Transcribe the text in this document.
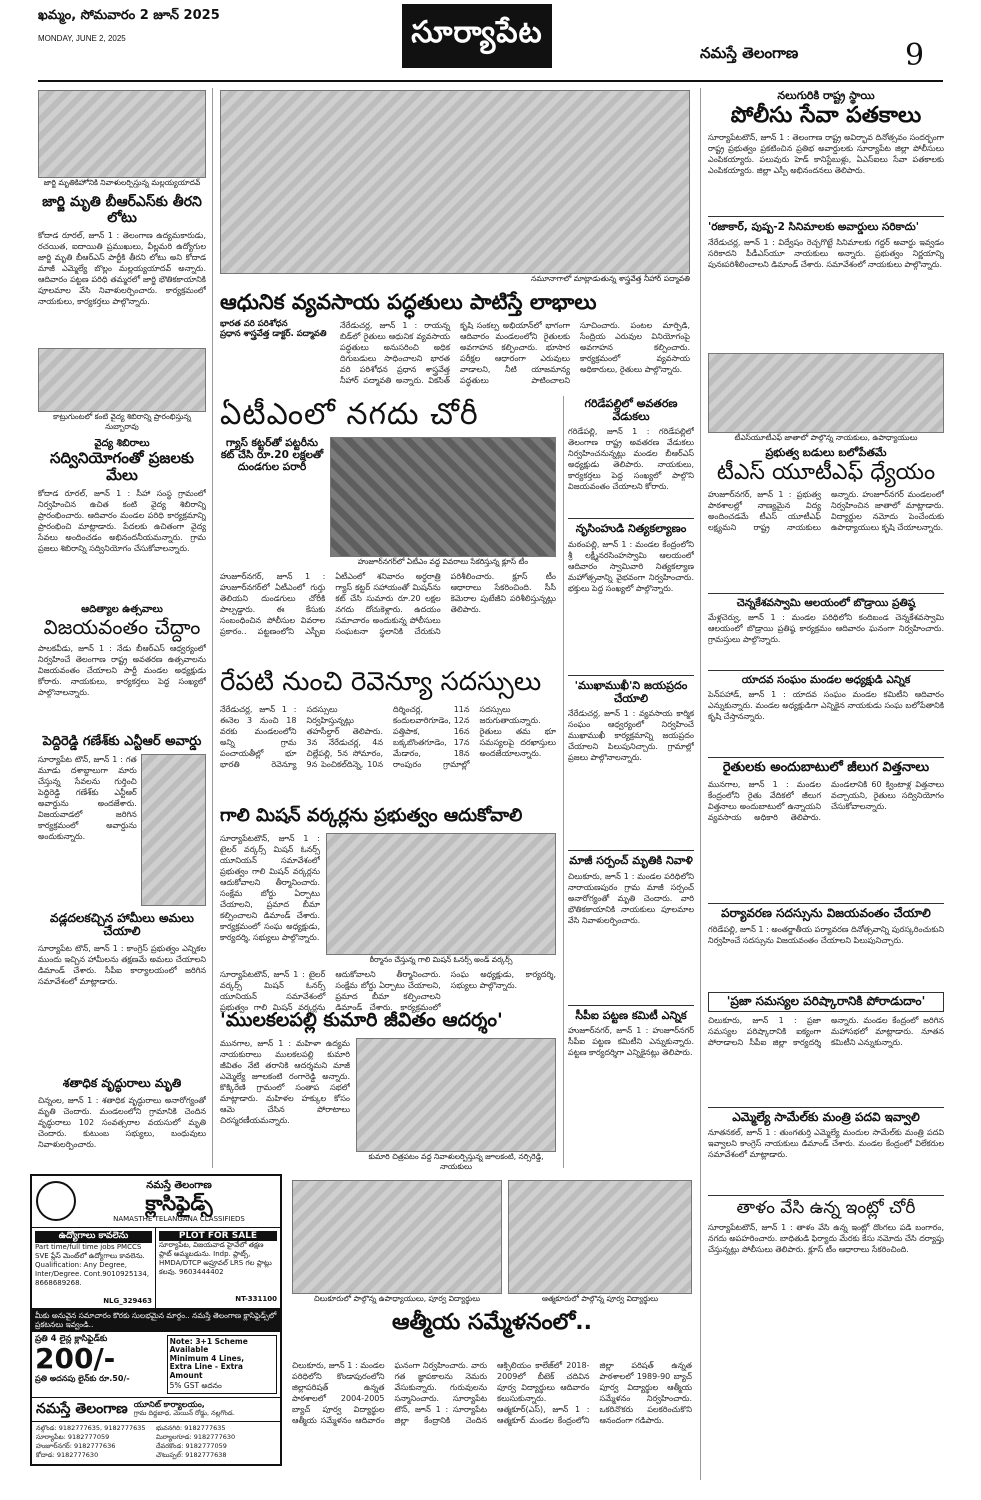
ఖమ్మం, సోమవారం 2 జూన్ 2025
MONDAY, JUNE 2, 2025	సూర్యాపేట
నమస్తే తెలంగాణ	9
జార్జి మృతికిహోనికి నివాళులర్పిస్తున్న మల్లయ్యయాదవ్
జార్జి మృతి బీఆర్ఎస్‌కు తీరని లోటు
కోదాడ రూరల్, జూన్ 1 : తెలంగాణ ఉద్యమకారుడు, రచయిత, ఐదాయితి ప్రముఖులు, వీల్లమరి ఉద్యోగుల జార్జి మృతి బీఆర్ఎస్ పార్టీకి తీరని లోటు అని కోదాడ మాజీ ఎమ్మెల్యే బొల్లం మల్లయ్యయాదవ్ అన్నారు. ఆదివారం పట్టణ పరిధి తమ్మరలో జార్జి భౌతికకాయానికి పూలమాల వేసి నివాళులర్పించారు. కార్యక్రమంలో నాయకులు, కార్యకర్తలు పాల్గొన్నారు.
కాట్రుగుంటలో కంటి వైద్య శిబిరాన్ని ప్రారంభిస్తున్న నుబ్బారావు
వైద్య శిబిరాలు
సద్వినియోగంతో ప్రజలకు మేలు
కోదాడ రూరల్, జూన్ 1 : సీహా సంస్థ గ్రామంలో నిర్వహించిన ఉచిత కంటి వైద్య శిబిరాన్ని ప్రారంభించారు. ఆదివారం మండల పరిధి కార్యక్రమాన్ని ప్రారంభించి మాట్లాడారు. పేదలకు ఉచితంగా వైద్య సేవలు అందించడం అభినందనీయమన్నారు. గ్రామ ప్రజలు శిబిరాన్ని సద్వినియోగం చేసుకోవాలన్నారు.
ఆదిత్యాల ఉత్సవాలు
విజయవంతం చేద్దాం
పాలకవీడు, జూన్ 1 : నేడు బీఆర్ఎస్ ఆధ్వర్యంలో నిర్వహించే తెలంగాణ రాష్ట్ర అవతరణ ఉత్సవాలను విజయవంతం చేయాలని పార్టీ మండల అధ్యక్షుడు కోరారు. నాయకులు, కార్యకర్తలు పెద్ద సంఖ్యలో పాల్గొనాలన్నారు.
పెద్దిరెడ్డి గణేశ్‌కు ఎన్టీఆర్ అవార్డు
సూర్యాపేట టౌన్, జూన్ 1 : గత మూడు దశాబ్దాలుగా మారు చేస్తున్న సేవలను గుర్తించి పెద్దిరెడ్డి గణేశ్‌కు ఎన్టీఆర్ అవార్డును అందజేశారు. విజయవాడలో జరిగిన కార్యక్రమంలో అవార్డును అందుకున్నారు.
వడ్లదలకచ్చిన హామీలు అమలు చేయాలి
సూర్యాపేట టౌన్, జూన్ 1 : కాంగ్రెస్ ప్రభుత్వం ఎన్నికల ముందు ఇచ్చిన హామీలను తక్షణమే అమలు చేయాలని డిమాండ్ చేశారు. సీపీఐ కార్యాలయంలో జరిగిన సమావేశంలో మాట్లాడారు.
శతాధిక వృద్ధురాలు మృతి
చిన్నంల, జూన్ 1 : శతాధిక వృద్ధురాలు అనారోగ్యంతో మృతి చెందారు. మండలంలోని గ్రామానికి చెందిన వృద్ధురాలు 102 సంవత్సరాల వయసులో మృతి చెందారు. కుటుంబ సభ్యులు, బంధువులు నివాళులర్పించారు.
నమూనాగాలో మాట్లాడుతున్న శాస్త్రవేత్త నీహార్ పద్మావతి
ఆధునిక వ్యవసాయ పద్ధతులు పాటిస్తే లాభాలు
భారత వరి పరిశోధన
ప్రధాన శాస్త్రవేత్త డాక్టర్. పద్మావతి
నేరేడుచర్ల, జూన్ 1 : రాయన్న బిడ్‌లో రైతులు ఆధునిక వ్యవసాయ పద్ధతులు అనుసరించి అధిక దిగుబడులు సాధించాలని భారత వరి పరిశోధన ప్రధాన శాస్త్రవేత్త నీహార్ పద్మావతి అన్నారు. వికసిత్ కృషి సంకల్ప అభియాన్‌లో భాగంగా ఆదివారం మండలంలోని రైతులకు అవగాహన కల్పించారు. భూసార పరీక్షల ఆధారంగా ఎరువులు వాడాలని, నీటి యాజమాన్య పద్ధతులు పాటించాలని సూచించారు. పంటల మార్పిడి, సేంద్రియ ఎరువుల వినియోగంపై అవగాహన కల్పించారు. కార్యక్రమంలో వ్యవసాయ అధికారులు, రైతులు పాల్గొన్నారు.
ఏటీఎంలో నగదు చోరీ
గ్యాస్ కట్టర్‌తో పట్టరీను కట్ చేసి రూ.20 లక్షలతో దుండగుల పరారీ
హుజూర్‌నగర్‌లో ఏటీఎం వద్ద వివరాలు సేకరిస్తున్న క్లూస్ టీం
హుజూర్‌నగర్, జూన్ 1 : హుజూర్‌నగర్‌లో ఏటీఎంలో గుర్తు తెలియని దుండగులు చోరీకి పాల్పడ్డారు. ఈ కేసుకు సంబంధించిన పోలీసుల వివరాల ప్రకారం.. పట్టణంలోని ఎస్బీఐ ఏటీఎంలో శనివారం అర్ధరాత్రి గ్యాస్ కట్టర్ సహాయంతో మిషన్‌ను కట్ చేసి సుమారు రూ.20 లక్షల నగదు దోచుకెళ్లారు. ఉదయం సమాచారం అందుకున్న పోలీసులు సంఘటనా స్థలానికి చేరుకుని పరిశీలించారు. క్లూస్ టీం ఆధారాలు సేకరించింది. సీసీ కెమెరాల పుటేజీని పరిశీలిస్తున్నట్లు తెలిపారు.
రేపటి నుంచి రెవెన్యూ సదస్సులు
నేరేడుచర్ల, జూన్ 1 : ఈనెల 3 నుంచి 18 వరకు మండలంలోని అన్ని గ్రామ పంచాయతీల్లో భూ భారతి రెవెన్యూ సదస్సులు నిర్వహిస్తున్నట్లు తహసీల్దార్ తెలిపారు. 3న నేరేడుచర్ల, 4న చిల్లేపల్లి, 5న సోమారం, 9న పెంచికల్‌దిన్నె, 10న దిర్శించర్ల, 11న కందులవారిగూడెం, 12న పత్తిపాక, 16న బక్కబొంతగూడెం, 17న మేడారం, 18న రాంపురం గ్రామాల్లో సదస్సులు జరుగుతాయన్నారు. రైతులు తమ భూ సమస్యలపై దరఖాస్తులు అందజేయాలన్నారు.
గాలి మిషన్ వర్కర్లను ప్రభుత్వం ఆదుకోవాలి
సూర్యాపేటటౌన్, జూన్ 1 : టైలర్ వర్కర్స్ మిషన్ ఓనర్స్ యూనియన్ సమావేశంలో ప్రభుత్వం గాలి మిషన్ వర్కర్లను ఆదుకోవాలని తీర్మానించారు. సంక్షేమ బోర్డు ఏర్పాటు చేయాలని, ప్రమాద బీమా కల్పించాలని డిమాండ్ చేశారు. కార్యక్రమంలో సంఘ అధ్యక్షుడు, కార్యదర్శి, సభ్యులు పాల్గొన్నారు.
ఠీర్మానం చేస్తున్న గాలి మిషన్ ఓనర్స్ అండ్ వర్కర్స్
సూర్యాపేటటౌన్, జూన్ 1 : టైలర్ వర్కర్స్ మిషన్ ఓనర్స్ యూనియన్ సమావేశంలో ప్రభుత్వం గాలి మిషన్ వర్కర్లను ఆదుకోవాలని తీర్మానించారు. సంక్షేమ బోర్డు ఏర్పాటు చేయాలని, ప్రమాద బీమా కల్పించాలని డిమాండ్ చేశారు. కార్యక్రమంలో సంఘ అధ్యక్షుడు, కార్యదర్శి, సభ్యులు పాల్గొన్నారు.
'ములకలపల్లి కుమారి జీవితం ఆదర్శం'
మునగాల, జూన్ 1 : మహిళా ఉద్యమ నాయకురాలు ములకలపల్లి కుమారి జీవితం నేటి తరానికి ఆదర్శమని మాజీ ఎమ్మెల్యే జూలకంటి రంగారెడ్డి అన్నారు. కొక్కిరేణి గ్రామంలో సంతాప సభలో మాట్లాడారు. మహిళల హక్కుల కోసం ఆమె చేసిన పోరాటాలు చిరస్మరణీయమన్నారు.
కుమారి చిత్రపటం వద్ద నివాళులర్పిస్తున్న జూలకంటి, నర్సిరెడ్డి, నాయకులు
గరిడేపల్లిలో అవతరణ వేడుకలు
గరిడేపల్లి, జూన్ 1 : గరిడేపల్లిలో తెలంగాణ రాష్ట్ర అవతరణ వేడుకలు నిర్వహించనున్నట్లు మండల బీఆర్ఎస్ అధ్యక్షుడు తెలిపారు. నాయకులు, కార్యకర్తలు పెద్ద సంఖ్యలో పాల్గొని విజయవంతం చేయాలని కోరారు.
నృసింహుడి నిత్యకల్యాణం
మఠంపల్లి, జూన్ 1 : మండల కేంద్రంలోని శ్రీ లక్ష్మీనరసింహస్వామి ఆలయంలో ఆదివారం స్వామివారి నిత్యకల్యాణ మహోత్సవాన్ని వైభవంగా నిర్వహించారు. భక్తులు పెద్ద సంఖ్యలో పాల్గొన్నారు.
'ముఖాముఖీ'ని జయప్రదం చేయాలి
నేరేడుచర్ల, జూన్ 1 : వ్యవసాయ కార్మిక సంఘం ఆధ్వర్యంలో నిర్వహించే ముఖాముఖీ కార్యక్రమాన్ని జయప్రదం చేయాలని పిలుపునిచ్చారు. గ్రామాల్లో ప్రజలు పాల్గొనాలన్నారు.
మాజీ సర్పంచ్ మృతికి నివాళి
చిలుకూరు, జూన్ 1 : మండల పరిధిలోని నారాయణపురం గ్రామ మాజీ సర్పంచ్ అనారోగ్యంతో మృతి చెందారు. వారి భౌతికకాయానికి నాయకులు పూలమాల వేసి నివాళులర్పించారు.
సీపీఐ పట్టణ కమిటీ ఎన్నిక
హుజూర్‌నగర్, జూన్ 1 : హుజూర్‌నగర్ సీపీఐ పట్టణ కమిటీని ఎన్నుకున్నారు. పట్టణ కార్యదర్శిగా ఎన్నికైనట్లు తెలిపారు.
నలుగురికి రాష్ట్ర స్థాయి
పోలీసు సేవా పతకాలు
సూర్యాపేటటౌన్, జూన్ 1 : తెలంగాణ రాష్ట్ర అవిర్భావ దినోత్సవం సందర్భంగా రాష్ట్ర ప్రభుత్వం ప్రకటించిన ప్రతిభ అవార్డులకు సూర్యాపేట జిల్లా పోలీసులు ఎంపికయ్యారు. పలువురు హెడ్ కానిస్టేబుళ్లు, ఏఎస్ఐలు సేవా పతకాలకు ఎంపికయ్యారు. జిల్లా ఎస్పీ అభినందనలు తెలిపారు.
'రజాకార్, పుష్ప-2 సినిమాలకు అవార్డులు సరికాదు'
నేరేడుచర్ల, జూన్ 1 : విద్వేషం రెచ్చగొట్టే సినిమాలకు గద్దర్ అవార్డు ఇవ్వడం సరికాదని పీడీఎస్‌యూ నాయకులు అన్నారు. ప్రభుత్వం నిర్ణయాన్ని పునఃపరిశీలించాలని డిమాండ్ చేశారు. సమావేశంలో నాయకులు పాల్గొన్నారు.
టీఎస్‌యూటీఎఫ్ జాతాలో పాల్గొన్న నాయకులు, ఉపాధ్యాయులు
ప్రభుత్వ బడులు బలోపేతమే
టీఎస్ యూటీఎఫ్ ధ్యేయం
హుజూర్‌నగర్, జూన్ 1 : ప్రభుత్వ పాఠశాలల్లో నాణ్యమైన విద్య అందించడమే టీఎస్ యూటీఎఫ్ లక్ష్యమని రాష్ట్ర నాయకులు అన్నారు. హుజూర్‌నగర్ మండలంలో నిర్వహించిన జాతాలో మాట్లాడారు. విద్యార్థుల నమోదు పెంచేందుకు ఉపాధ్యాయులు కృషి చేయాలన్నారు.
చెన్నకేశవస్వామి ఆలయంలో బొడ్రాయి ప్రతిష్ఠ
మేళ్లచెర్వు, జూన్ 1 : మండల పరిధిలోని కందిబండ చెన్నకేశవస్వామి ఆలయంలో బొడ్రాయి ప్రతిష్ఠ కార్యక్రమం ఆదివారం ఘనంగా నిర్వహించారు. గ్రామస్తులు పాల్గొన్నారు.
యాదవ సంఘం మండల అధ్యక్షుడి ఎన్నిక
పెన్‌పహాడ్, జూన్ 1 : యాదవ సంఘం మండల కమిటీని ఆదివారం ఎన్నుకున్నారు. మండల అధ్యక్షుడిగా ఎన్నికైన నాయకుడు సంఘ బలోపేతానికి కృషి చేస్తానన్నారు.
రైతులకు అందుబాటులో జీలుగ విత్తనాలు
మునగాల, జూన్ 1 : మండల కేంద్రంలోని రైతు వేదికలో జీలుగ విత్తనాలు అందుబాటులో ఉన్నాయని వ్యవసాయ అధికారి తెలిపారు. మండలానికి 60 క్వింటాళ్ల విత్తనాలు వచ్చాయని, రైతులు సద్వినియోగం చేసుకోవాలన్నారు.
పర్యావరణ సదస్సును విజయవంతం చేయాలి
గరిడేపల్లి, జూన్ 1 : అంతర్జాతీయ పర్యావరణ దినోత్సవాన్ని పురస్కరించుకుని నిర్వహించే సదస్సును విజయవంతం చేయాలని పిలుపునిచ్చారు.
'ప్రజా సమస్యల పరిష్కారానికి పోరాడుదాం'
చిలుకూరు, జూన్ 1 : ప్రజా సమస్యల పరిష్కారానికి ఐక్యంగా పోరాడాలని సీపీఐ జిల్లా కార్యదర్శి అన్నారు. మండల కేంద్రంలో జరిగిన మహాసభలో మాట్లాడారు. నూతన కమిటీని ఎన్నుకున్నారు.
ఎమ్మెల్యే సామేల్‌కు మంత్రి పదవి ఇవ్వాలి
నూతనకల్, జూన్ 1 : తుంగతుర్తి ఎమ్మెల్యే మందుల సామేల్‌కు మంత్రి పదవి ఇవ్వాలని కాంగ్రెస్ నాయకులు డిమాండ్ చేశారు. మండల కేంద్రంలో విలేకరుల సమావేశంలో మాట్లాడారు.
తాళం వేసి ఉన్న ఇంట్లో చోరీ
సూర్యాపేటటౌన్, జూన్ 1 : తాళం వేసి ఉన్న ఇంట్లో దొంగలు పడి బంగారం, నగదు అపహరించారు. బాధితుడి ఫిర్యాదు మేరకు కేసు నమోదు చేసి దర్యాప్తు చేస్తున్నట్లు పోలీసులు తెలిపారు. క్లూస్ టీం ఆధారాలు సేకరించింది.
నమస్తే తెలంగాణ
క్లాసిఫైడ్స్
NAMASTHE TELANGANA CLASSIFIEDS
ఉద్యోగాలు కావలెను
Part time/full time jobs PMCCS SVE ప్లేస్ మెంట్‌లో ఉద్యోగాలు కావలెను. Qualification: Any Degree, Inter/Degree. Cont.9010925134, 8668689268.
NLG_329463
PLOT FOR SALE
సూర్యాపేట, విజయవాడ హైవేలో తక్షణ ప్లాట్ అమ్మబడును. Indp. ప్లాట్స్, HMDA/DTCP అప్రూవల్ LRS గల ప్లాట్లు కలవు. 9603444402
NT-331100
మీకు అనువైన సమాచారం కొరకు సులభమైన మార్గం.. నమస్తే తెలంగాణ క్లాసిఫైడ్స్‌లో ప్రకటనలు ఇవ్వండి..
ప్రతి 4 లైన్ల క్లాసిఫైడ్‌కు
200/-
ప్రతి అదనపు లైన్‌కు రూ.50/-
Note: 3+1 Scheme Available
Minimum 4 Lines,
Extra Line - Extra Amount
5% GST అదనం
నమస్తే తెలంగాణ యూనిట్ కార్యాలయం,
గ్రామ దిద్దబాధ, మెయిన్ రోడ్డు, నల్లగొండ.
నల్గొండ: 9182777635, 9182777635	భువనగిరి: 9182777635
సూర్యాపేట: 9182777059	మిర్యాలగూడ: 9182777630
హుజూర్‌నగర్: 9182777636	దేవరకొండ: 9182777059
కోదాడ: 9182777630	చౌటుప్పల్: 9182777638
చిలుకూరులో పాల్గొన్న ఉపాధ్యాయులు, పూర్వ విద్యార్థులు	ఆత్మకూరులో పాల్గొన్న పూర్వ విద్యార్థులు
ఆత్మీయ సమ్మేళనంలో..
చిలుకూరు, జూన్ 1 : మండల పరిధిలోని కొండాపురంలోని జిల్లాపరిషత్ ఉన్నత పాఠశాలలో 2004-2005 బ్యాచ్ పూర్వ విద్యార్థుల ఆత్మీయ సమ్మేళనం ఆదివారం ఘనంగా నిర్వహించారు. వారు గత జ్ఞాపకాలను నెమరు వేసుకున్నారు. గురువులను సన్మానించారు. సూర్యాపేట టౌన్, జూన్ 1 : సూర్యాపేట జిల్లా కేంద్రానికి చెందిన ఆక్సిలియం కాలేజ్‌లో 2018-2009లో బీటెక్ చదివిన పూర్వ విద్యార్థులు ఆదివారం కలుసుకున్నారు. ఆత్మకూర్(ఎస్), జూన్ 1 : ఆత్మకూర్ మండల కేంద్రంలోని జిల్లా పరిషత్ ఉన్నత పాఠశాలలో 1989-90 బ్యాచ్ పూర్వ విద్యార్థుల ఆత్మీయ సమ్మేళనం నిర్వహించారు. ఒకరినొకరు పలకరించుకొని ఆనందంగా గడిపారు.
